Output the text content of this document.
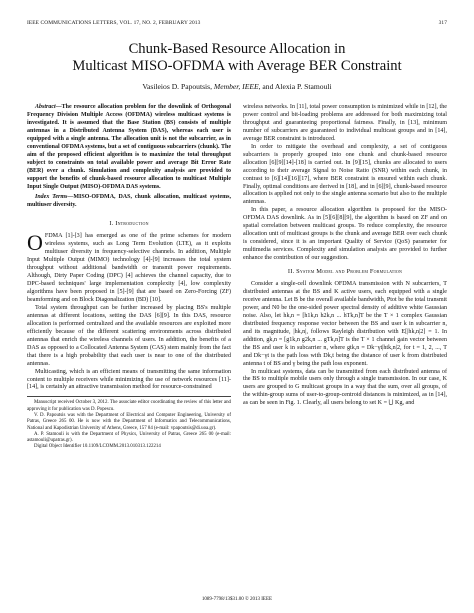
IEEE COMMUNICATIONS LETTERS, VOL. 17, NO. 2, FEBRUARY 2013	317
Chunk-Based Resource Allocation in
Multicast MISO-OFDMA with Average BER Constraint
Vasileios D. Papoutsis, Member, IEEE, and Alexia P. Stamouli

Abstract—The resource allocation problem for the downlink of Orthogonal Frequency Division Multiple Access (OFDMA) wireless multicast systems is investigated. It is assumed that the Base Station (BS) consists of multiple antennas in a Distributed Antenna System (DAS), whereas each user is equipped with a single antenna. The allocation unit is not the subcarrier, as in conventional OFDMA systems, but a set of contiguous subcarriers (chunk). The aim of the proposed efficient algorithm is to maximize the total throughput subject to constraints on total available power and average Bit Error Rate (BER) over a chunk. Simulation and complexity analysis are provided to support the benefits of chunk-based resource allocation to multicast Multiple Input Single Output (MISO)-OFDMA DAS systems.

Index Terms—MISO-OFDMA, DAS, chunk allocation, multicast systems, multiuser diversity.

I. Introduction

OFDMA [1]-[3] has emerged as one of the prime schemes for modern wireless systems, such as Long Term Evolution (LTE), as it exploits multiuser diversity in frequency-selective channels. In addition, Multiple Input Multiple Output (MIMO) technology [4]-[9] increases the total system throughput without additional bandwidth or transmit power requirements. Although, Dirty Paper Coding (DPC) [4] achieves the channel capacity, due to DPC-based techniques' large implementation complexity [4], low complexity algorithms have been proposed in [5]-[9] that are based on Zero-Forcing (ZF) beamforming and on Block Diagonalization (BD) [10].

Total system throughput can be further increased by placing BS's multiple antennas at different locations, setting the DAS [6][9]. In this DAS, resource allocation is performed centralized and the available resources are exploited more efficiently because of the different scattering environments across distributed antennas that enrich the wireless channels of users. In addition, the benefits of a DAS as opposed to a Collocated Antenna System (CAS) stem mainly from the fact that there is a high probability that each user is near to one of the distributed antennas.

Multicasting, which is an efficient means of transmitting the same information content to multiple receivers while minimizing the use of network resources [11]-[14], is certainly an attractive transmission method for resource-constrained

Manuscript received October 3, 2012. The associate editor coordinating the review of this letter and approving it for publication was D. Popescu.

V. D. Papoutsis was with the Department of Electrical and Computer Engineering, University of Patras, Greece 265 00. He is now with the Department of Informatics and Telecommunications, National and Kapodistrian University of Athens, Greece, 157 84 (e-mail: vpapoutsis@di.uoa.gr).

A. P. Stamouli is with the Department of Physics, University of Patras, Greece 265 00 (e-mail: astamouli@upatras.gr).

Digital Object Identifier 10.1109/LCOMM.2013.010313.122214

wireless networks. In [11], total power consumption is minimized while in [12], the power control and bit-loading problems are addressed for both maximizing total throughput and guaranteeing proportional fairness. Finally, in [13], minimum number of subcarriers are guaranteed to individual multicast groups and in [14], average BER constraint is introduced.

In order to mitigate the overhead and complexity, a set of contiguous subcarriers is properly grouped into one chunk and chunk-based resource allocation [6][9][14]-[18] is carried out. In [9][15], chunks are allocated to users according to their average Signal to Noise Ratio (SNR) within each chunk, in contrast to [6][14][16][17], where BER constraint is ensured within each chunk. Finally, optimal conditions are derived in [18], and in [6][9], chunk-based resource allocation is applied not only to the single antenna scenario but also to the multiple antennas.

In this paper, a resource allocation algorithm is proposed for the MISO-OFDMA DAS downlink. As in [5][6][8][9], the algorithm is based on ZF and on spatial correlation between multicast groups. To reduce complexity, the resource allocation unit of multicast groups is the chunk and average BER over each chunk is considered, since it is an important Quality of Service (QoS) parameter for multimedia services. Complexity and simulation analysis are provided to further enhance the contribution of our suggestion.

II. System Model and Problem Formulation

Consider a single-cell downlink OFDMA transmission with N subcarriers, T distributed antennas at the BS and K active users, each equipped with a single receive antenna. Let B be the overall available bandwidth, Ptot be the total transmit power, and N0 be the one-sided power spectral density of additive white Gaussian noise. Also, let hk,n = [h1k,n h2k,n ... hTk,n]T be the T × 1 complex Gaussian distributed frequency response vector between the BS and user k in subcarrier n, and its magnitude, |hk,n|, follows Rayleigh distribution with E[|hk,n|2] = 1. In addition, gk,n = [g1k,n g2k,n ... gTk,n]T is the T × 1 channel gain vector between the BS and user k in subcarrier n, where gtk,n = Dk−γt|htk,n|2, for t = 1, 2, ..., T and Dk−γt is the path loss with Dk,t being the distance of user k from distributed antenna t of BS and γ being the path loss exponent.

In multicast systems, data can be transmitted from each distributed antenna of the BS to multiple mobile users only through a single transmission. In our case, K users are grouped to G multicast groups in a way that the sum, over all groups, of the within-group sums of user-to-group-centroid distances is minimized, as in [14], as can be seen in Fig. 1. Clearly, all users belong to set K = ⋃ Kg, and

1089-7798/13$31.00 © 2013 IEEE
